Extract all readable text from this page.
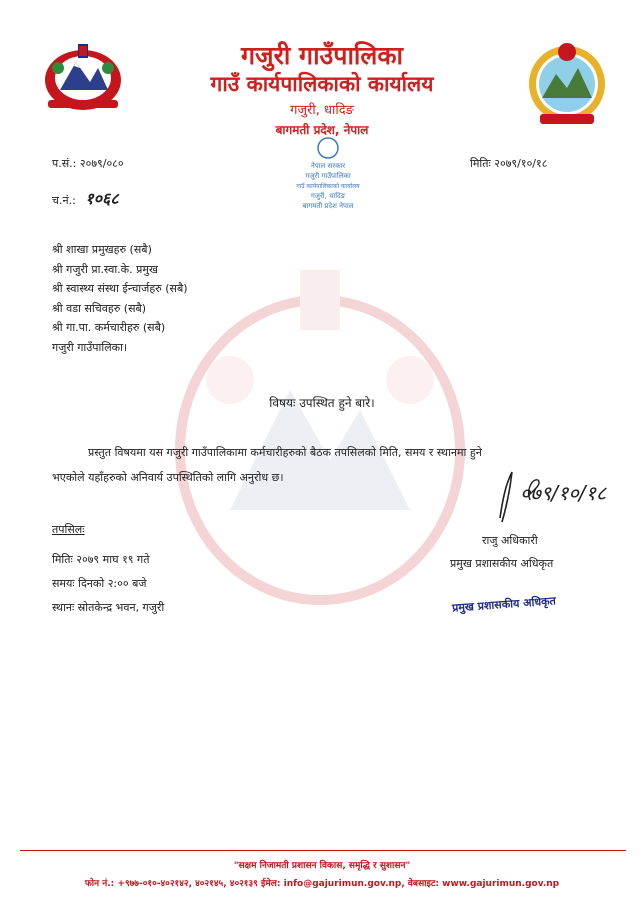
गजुरी गाउँपालिका
गाउँ कार्यपालिकाको कार्यालय
गजुरी, धादिङ
बागमती प्रदेश, नेपाल
प.सं.: २०७९/०८०
च.नं.: १०६८
मितिः २०७९/१०/१८
नेपाल सरकार
गजुरी गाउँपालिका
गाउँ कार्यपालिकाको कार्यालय
गजुरी, धादिङ
बागमती प्रदेश नेपाल
श्री शाखा प्रमुखहरु (सबै)
श्री गजुरी प्रा.स्वा.के. प्रमुख
श्री स्वास्थ्य संस्था ईन्चार्जहरु (सबै)
श्री वडा सचिवहरु (सबै)
श्री गा.पा. कर्मचारीहरु (सबै)
गजुरी गाउँपालिका।
विषयः उपस्थित हुने बारे।
प्रस्तुत विषयमा यस गजुरी गाउँपालिकामा कर्मचारीहरुको बैठक तपसिलको मिति, समय र स्थानमा हुने
भएकोले यहाँहरुको अनिवार्य उपस्थितिको लागि अनुरोध छ।
तपसिलः
मितिः २०७९ माघ १९ गते
समयः दिनको २:०० बजे
स्थानः स्रोतकेन्द्र भवन, गजुरी
०७९/१०/१८
राजु अधिकारी
प्रमुख प्रशासकीय अधिकृत
प्रमुख प्रशासकीय अधिकृत
"सक्षम निजामती प्रशासन विकास, समृद्धि र सुशासन"
फोन नं.: +९७७-०१०-४०२१४२, ४०२१४५, ४०२१३९ ईमेल: info@gajurimun.gov.np, वेबसाइट: www.gajurimun.gov.np
